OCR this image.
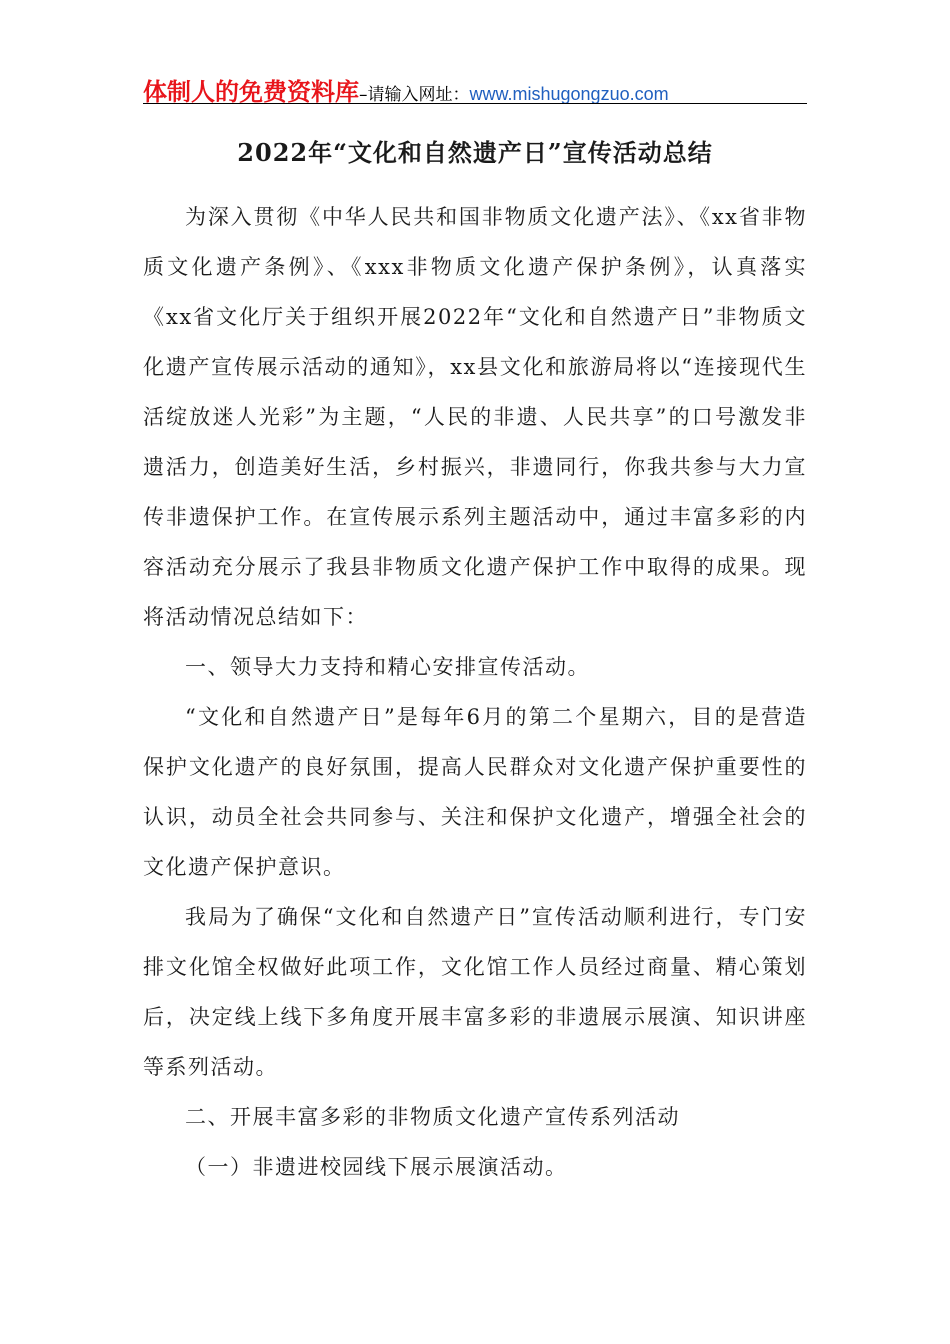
体制人的免费资料库–请输入网址：www.mishugongzuo.com
2022年“文化和自然遗产日”宣传活动总结

为深入贯彻《中华人民共和国非物质文化遗产法》、《xx省非物质文化遗产条例》、《xxx非物质文化遗产保护条例》，认真落实《xx省文化厅关于组织开展2022年“文化和自然遗产日”非物质文化遗产宣传展示活动的通知》，xx县文化和旅游局将以“连接现代生活绽放迷人光彩”为主题，“人民的非遗、人民共享”的口号激发非遗活力，创造美好生活，乡村振兴，非遗同行，你我共参与大力宣传非遗保护工作。在宣传展示系列主题活动中，通过丰富多彩的内容活动充分展示了我县非物质文化遗产保护工作中取得的成果。现将活动情况总结如下：

一、领导大力支持和精心安排宣传活动。

“文化和自然遗产日”是每年6月的第二个星期六，目的是营造保护文化遗产的良好氛围，提高人民群众对文化遗产保护重要性的认识，动员全社会共同参与、关注和保护文化遗产，增强全社会的文化遗产保护意识。

我局为了确保“文化和自然遗产日”宣传活动顺利进行，专门安排文化馆全权做好此项工作，文化馆工作人员经过商量、精心策划后，决定线上线下多角度开展丰富多彩的非遗展示展演、知识讲座等系列活动。

二、开展丰富多彩的非物质文化遗产宣传系列活动

（一）非遗进校园线下展示展演活动。
